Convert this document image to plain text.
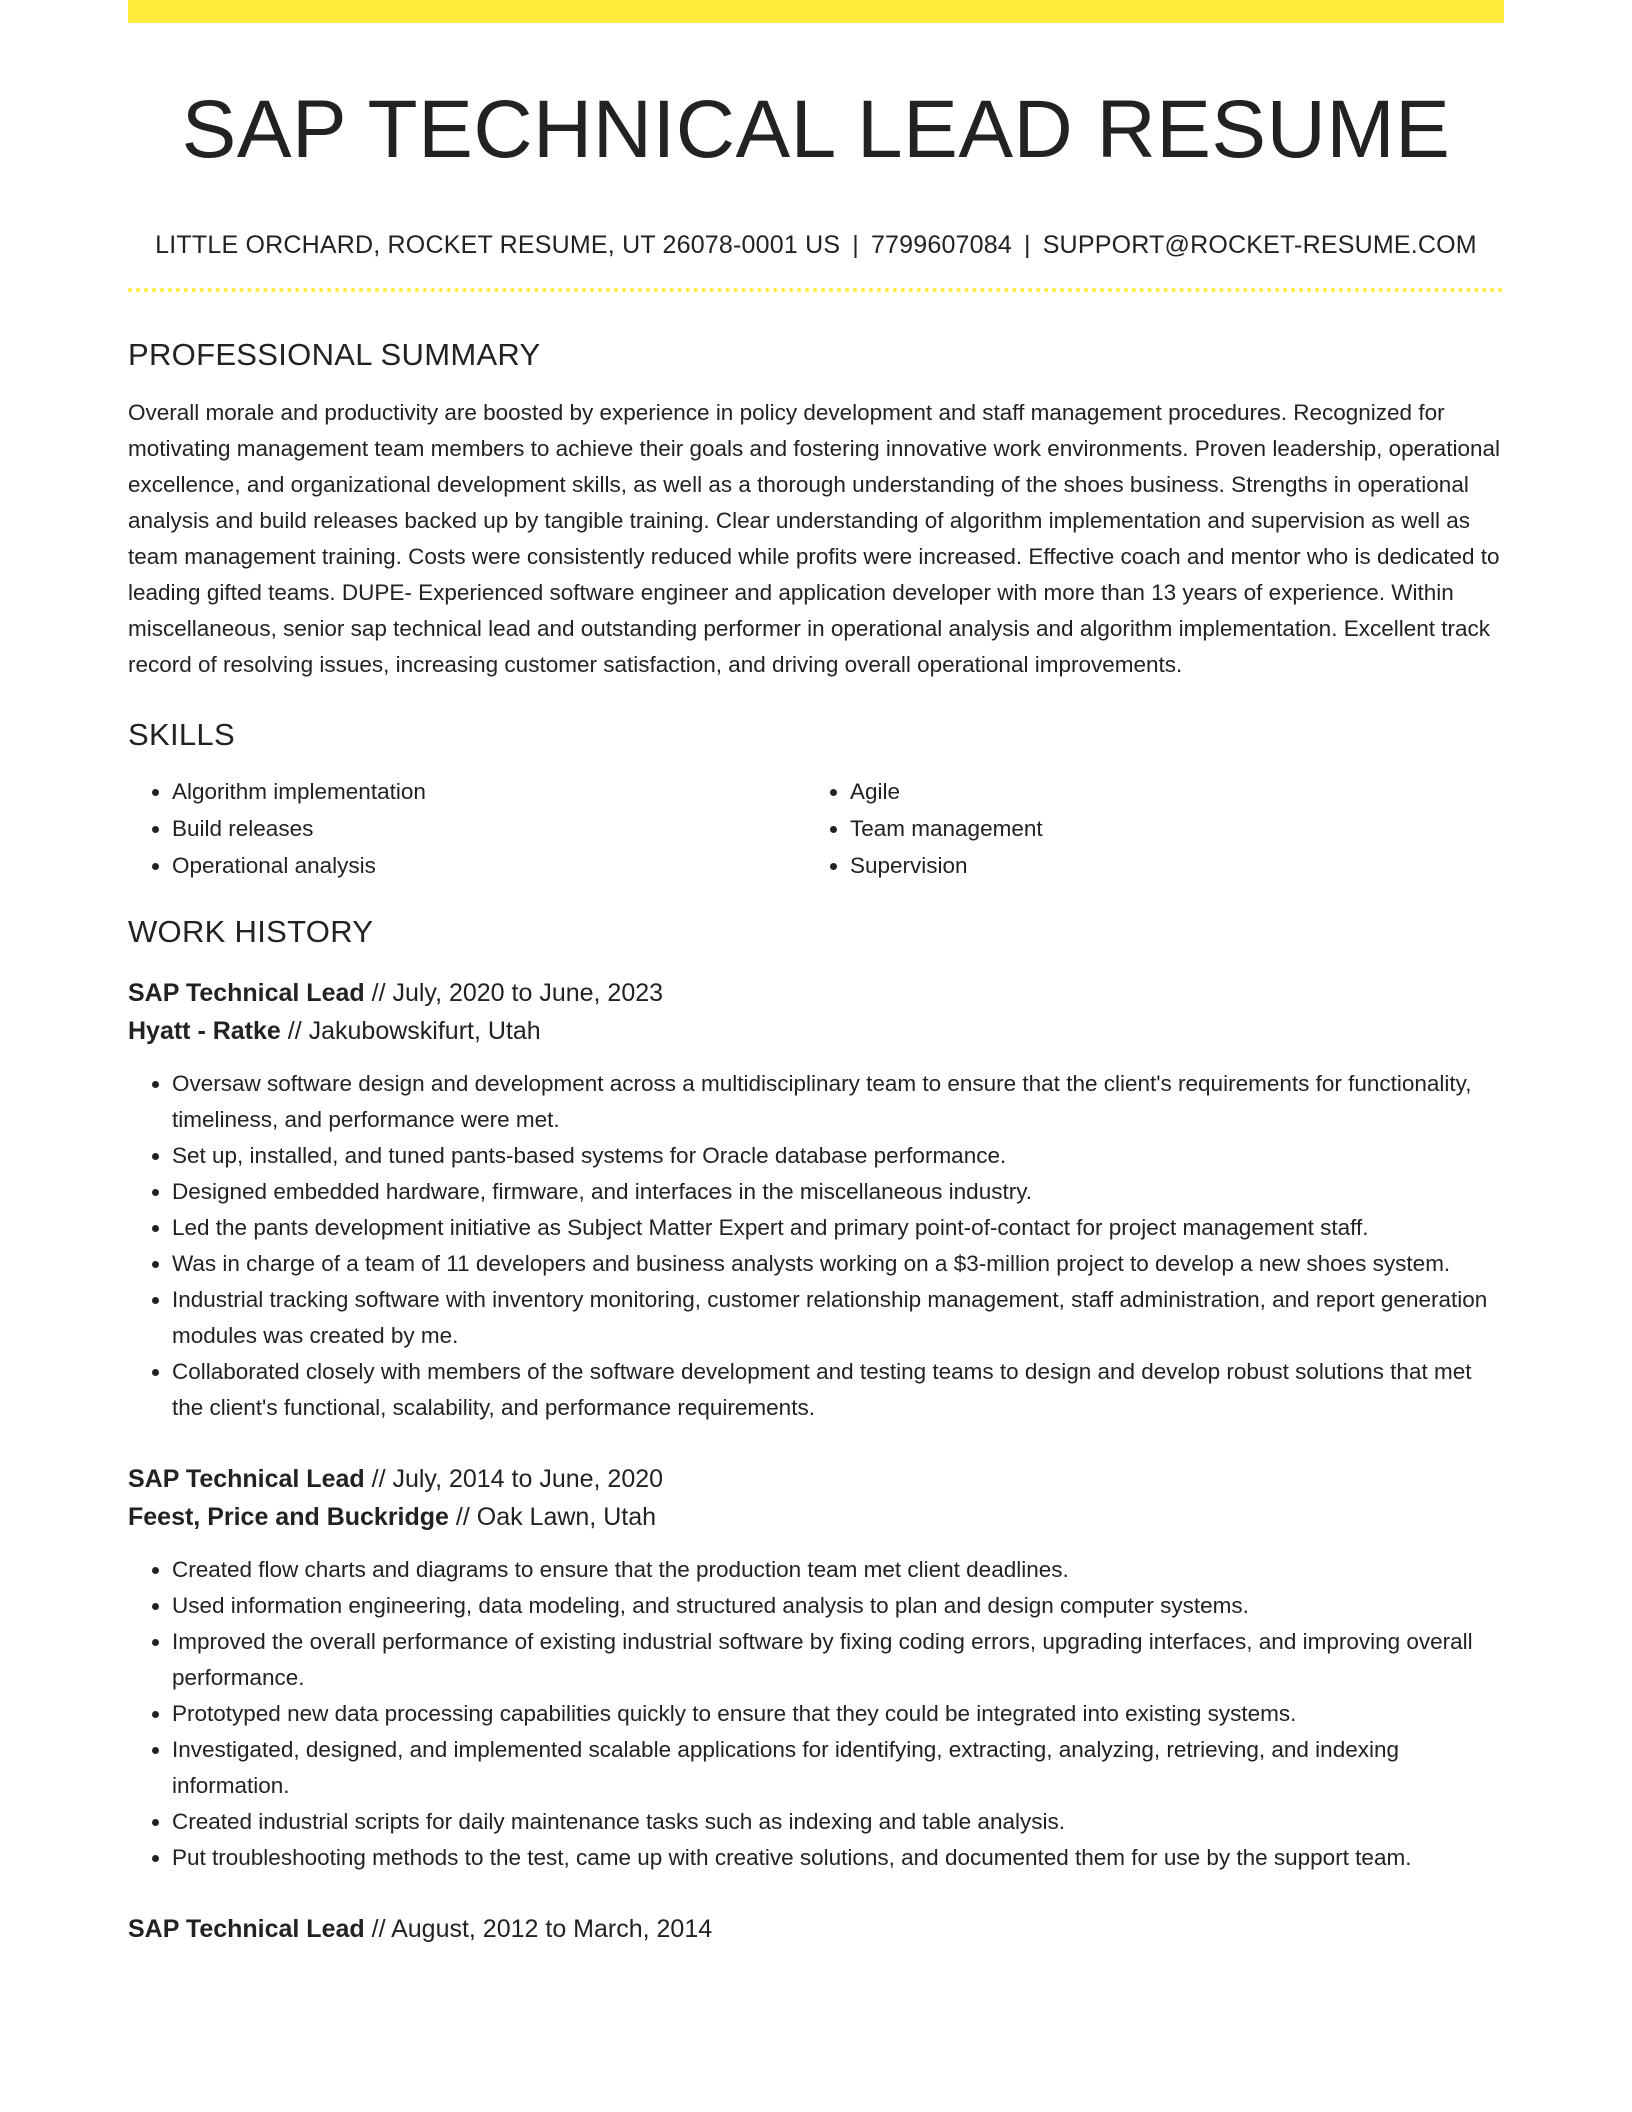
SAP TECHNICAL LEAD RESUME
LITTLE ORCHARD, ROCKET RESUME, UT 26078-0001 US | 7799607084 | SUPPORT@ROCKET-RESUME.COM
PROFESSIONAL SUMMARY

Overall morale and productivity are boosted by experience in policy development and staff management procedures. Recognized for motivating management team members to achieve their goals and fostering innovative work environments. Proven leadership, operational excellence, and organizational development skills, as well as a thorough understanding of the shoes business. Strengths in operational analysis and build releases backed up by tangible training. Clear understanding of algorithm implementation and supervision as well as team management training. Costs were consistently reduced while profits were increased. Effective coach and mentor who is dedicated to leading gifted teams. DUPE- Experienced software engineer and application developer with more than 13 years of experience. Within miscellaneous, senior sap technical lead and outstanding performer in operational analysis and algorithm implementation. Excellent track record of resolving issues, increasing customer satisfaction, and driving overall operational improvements.

SKILLS
• Algorithm implementation
• Build releases
• Operational analysis
• Agile
• Team management
• Supervision
WORK HISTORY
SAP Technical Lead // July, 2020 to June, 2023
Hyatt - Ratke // Jakubowskifurt, Utah
• Oversaw software design and development across a multidisciplinary team to ensure that the client's requirements for functionality, timeliness, and performance were met.
• Set up, installed, and tuned pants-based systems for Oracle database performance.
• Designed embedded hardware, firmware, and interfaces in the miscellaneous industry.
• Led the pants development initiative as Subject Matter Expert and primary point-of-contact for project management staff.
• Was in charge of a team of 11 developers and business analysts working on a $3-million project to develop a new shoes system.
• Industrial tracking software with inventory monitoring, customer relationship management, staff administration, and report generation modules was created by me.
• Collaborated closely with members of the software development and testing teams to design and develop robust solutions that met the client's functional, scalability, and performance requirements.
SAP Technical Lead // July, 2014 to June, 2020
Feest, Price and Buckridge // Oak Lawn, Utah
• Created flow charts and diagrams to ensure that the production team met client deadlines.
• Used information engineering, data modeling, and structured analysis to plan and design computer systems.
• Improved the overall performance of existing industrial software by fixing coding errors, upgrading interfaces, and improving overall performance.
• Prototyped new data processing capabilities quickly to ensure that they could be integrated into existing systems.
• Investigated, designed, and implemented scalable applications for identifying, extracting, analyzing, retrieving, and indexing information.
• Created industrial scripts for daily maintenance tasks such as indexing and table analysis.
• Put troubleshooting methods to the test, came up with creative solutions, and documented them for use by the support team.
SAP Technical Lead // August, 2012 to March, 2014
